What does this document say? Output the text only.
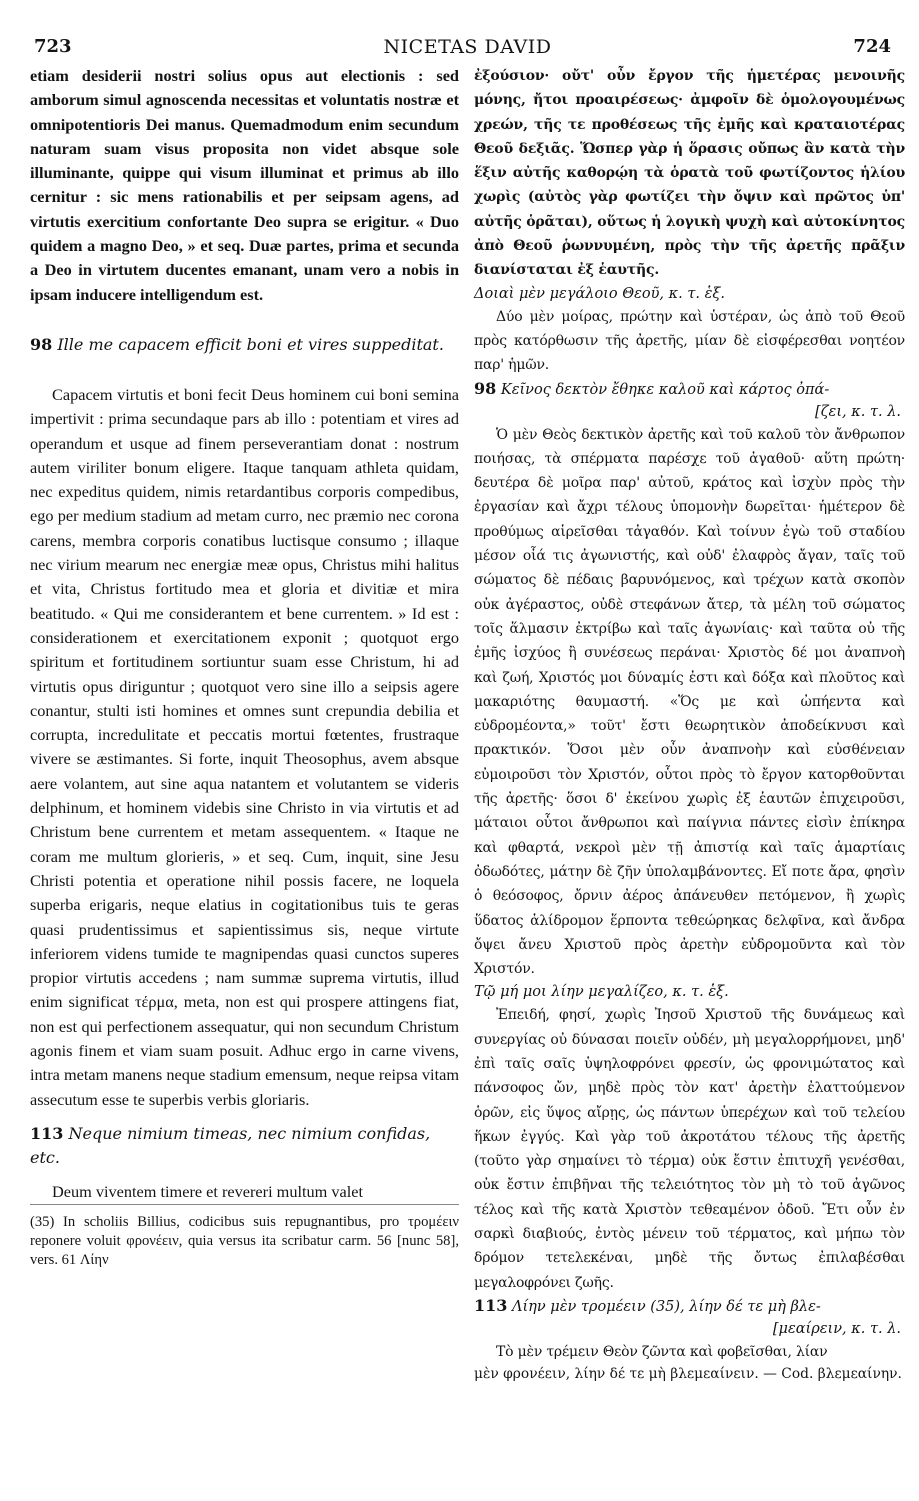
723	NICETAS DAVID	724

etiam desiderii nostri solius opus aut electionis : sed amborum simul agnoscenda necessitas et voluntatis nostræ et omnipotentioris Dei manus. Quemadmodum enim secundum naturam suam visus proposita non videt absque sole illuminante, quippe qui visum illuminat et primus ab illo cernitur : sic mens rationabilis et per seipsam agens, ad virtutis exercitium confortante Deo supra se erigitur. « Duo quidem a magno Deo, » et seq. Duæ partes, prima et secunda a Deo in virtutem ducentes emanant, unam vero a nobis in ipsam inducere intelligendum est.

98 Ille me capacem efficit boni et vires suppeditat.

Capacem virtutis et boni fecit Deus hominem cui boni semina impertivit : prima secundaque pars ab illo : potentiam et vires ad operandum et usque ad finem perseverantiam donat : nostrum autem viriliter bonum eligere. Itaque tanquam athleta quidam, nec expeditus quidem, nimis retardantibus corporis compedibus, ego per medium stadium ad metam curro, nec præmio nec corona carens, membra corporis conatibus luctisque consumo ; illaque nec virium mearum nec energiæ meæ opus, Christus mihi halitus et vita, Christus fortitudo mea et gloria et divitiæ et mira beatitudo. « Qui me considerantem et bene currentem. » Id est : considerationem et exercitationem exponit ; quotquot ergo spiritum et fortitudinem sortiuntur suam esse Christum, hi ad virtutis opus diriguntur ; quotquot vero sine illo a seipsis agere conantur, stulti isti homines et omnes sunt crepundia debilia et corrupta, incredulitate et peccatis mortui fœtentes, frustraque vivere se æstimantes. Si forte, inquit Theosophus, avem absque aere volantem, aut sine aqua natantem et volutantem se videris delphinum, et hominem videbis sine Christo in via virtutis et ad Christum bene currentem et metam assequentem. « Itaque ne coram me multum glorieris, » et seq. Cum, inquit, sine Jesu Christi potentia et operatione nihil possis facere, ne loquela superba erigaris, neque elatius in cogitationibus tuis te geras quasi prudentissimus et sapientissimus sis, neque virtute inferiorem videns tumide te magnipendas quasi cunctos superes propior virtutis accedens ; nam summæ suprema virtutis, illud enim significat τέρμα, meta, non est qui prospere attingens fiat, non est qui perfectionem assequatur, qui non secundum Christum agonis finem et viam suam posuit. Adhuc ergo in carne vivens, intra metam manens neque stadium emensum, neque reipsa vitam assecutum esse te superbis verbis gloriaris.

113 Neque nimium timeas, nec nimium confidas, etc.

Deum viventem timere et revereri multum valet

(35) In scholiis Billius, codicibus suis repugnantibus, pro τρομέειν reponere voluit φρονέειν, quia versus ita scribatur carm. 56 [nunc 58], vers. 61 Λίην

ἐξούσιον· οὔτ' οὖν ἔργον τῆς ἡμετέρας μενοινῆς μόνης, ἤτοι προαιρέσεως· ἀμφοῖν δὲ ὁμολογουμένως χρεών, τῆς τε προθέσεως τῆς ἐμῆς καὶ κραταιοτέρας Θεοῦ δεξιᾶς. Ὥσπερ γὰρ ἡ ὅρασις οὔπως ἂν κατὰ τὴν ἕξιν αὐτῆς καθορῴη τὰ ὁρατὰ τοῦ φωτίζοντος ἡλίου χωρὶς (αὐτὸς γὰρ φωτίζει τὴν ὄψιν καὶ πρῶτος ὑπ' αὐτῆς ὁρᾶται), οὕτως ἡ λογικὴ ψυχὴ καὶ αὐτοκίνητος ἀπὸ Θεοῦ ῥωννυμένη, πρὸς τὴν τῆς ἀρετῆς πρᾶξιν διανίσταται ἐξ ἑαυτῆς.

Δοιαὶ μὲν μεγάλοιο Θεοῦ, κ. τ. ἑξ.

Δύο μὲν μοίρας, πρώτην καὶ ὑστέραν, ὡς ἀπὸ τοῦ Θεοῦ πρὸς κατόρθωσιν τῆς ἀρετῆς, μίαν δὲ εἰσφέρεσθαι νοητέον παρ' ἡμῶν.

98 Κεῖνος δεκτὸν ἔθηκε καλοῦ καὶ κάρτος ὀπά-
[ζει, κ. τ. λ.

Ὁ μὲν Θεὸς δεκτικὸν ἀρετῆς καὶ τοῦ καλοῦ τὸν ἄνθρωπον ποιήσας, τὰ σπέρματα παρέσχε τοῦ ἀγαθοῦ· αὕτη πρώτη· δευτέρα δὲ μοῖρα παρ' αὐτοῦ, κράτος καὶ ἰσχὺν πρὸς τὴν ἐργασίαν καὶ ἄχρι τέλους ὑπομονὴν δωρεῖται· ἡμέτερον δὲ προθύμως αἱρεῖσθαι τἀγαθόν. Καὶ τοίνυν ἐγὼ τοῦ σταδίου μέσον οἷά τις ἀγωνιστής, καὶ οὐδ' ἐλαφρὸς ἄγαν, ταῖς τοῦ σώματος δὲ πέδαις βαρυνόμενος, καὶ τρέχων κατὰ σκοπὸν οὐκ ἀγέραστος, οὐδὲ στεφάνων ἄτερ, τὰ μέλη τοῦ σώματος τοῖς ἅλμασιν ἐκτρίβω καὶ ταῖς ἀγωνίαις· καὶ ταῦτα οὐ τῆς ἐμῆς ἰσχύος ἢ συνέσεως περάναι· Χριστὸς δέ μοι ἀναπνοὴ καὶ ζωή, Χριστός μοι δύναμίς ἐστι καὶ δόξα καὶ πλοῦτος καὶ μακαριότης θαυμαστή. «Ὅς με καὶ ὠπήεντα καὶ εὐδρομέοντα,» τοῦτ' ἔστι θεωρητικὸν ἀποδείκνυσι καὶ πρακτικόν. Ὅσοι μὲν οὖν ἀναπνοὴν καὶ εὐσθένειαν εὐμοιροῦσι τὸν Χριστόν, οὗτοι πρὸς τὸ ἔργον κατορθοῦνται τῆς ἀρετῆς· ὅσοι δ' ἐκείνου χωρὶς ἐξ ἑαυτῶν ἐπιχειροῦσι, μάταιοι οὗτοι ἄνθρωποι καὶ παίγνια πάντες εἰσὶν ἐπίκηρα καὶ φθαρτά, νεκροὶ μὲν τῇ ἀπιστίᾳ καὶ ταῖς ἁμαρτίαις ὀδωδότες, μάτην δὲ ζῆν ὑπολαμβάνοντες. Εἴ ποτε ἄρα, φησὶν ὁ θεόσοφος, ὄρνιν ἀέρος ἀπάνευθεν πετόμενον, ἢ χωρὶς ὕδατος ἁλίδρομον ἕρποντα τεθεώρηκας δελφῖνα, καὶ ἄνδρα ὄψει ἄνευ Χριστοῦ πρὸς ἀρετὴν εὐδρομοῦντα καὶ τὸν Χριστόν.

Τῷ μή μοι λίην μεγαλίζεο, κ. τ. ἑξ.

Ἐπειδή, φησί, χωρὶς Ἰησοῦ Χριστοῦ τῆς δυνάμεως καὶ συνεργίας οὐ δύνασαι ποιεῖν οὐδέν, μὴ μεγαλορρήμονει, μηδ' ἐπὶ ταῖς σαῖς ὑψηλοφρόνει φρεσίν, ὡς φρονιμώτατος καὶ πάνσοφος ὤν, μηδὲ πρὸς τὸν κατ' ἀρετὴν ἐλαττούμενον ὁρῶν, εἰς ὕψος αἴρῃς, ὡς πάντων ὑπερέχων καὶ τοῦ τελείου ἥκων ἐγγύς. Καὶ γὰρ τοῦ ἀκροτάτου τέλους τῆς ἀρετῆς (τοῦτο γὰρ σημαίνει τὸ τέρμα) οὐκ ἔστιν ἐπιτυχῆ γενέσθαι, οὐκ ἔστιν ἐπιβῆναι τῆς τελειότητος τὸν μὴ τὸ τοῦ ἀγῶνος τέλος καὶ τῆς κατὰ Χριστὸν τεθεαμένον ὁδοῦ. Ἔτι οὖν ἐν σαρκὶ διαβιούς, ἐντὸς μένειν τοῦ τέρματος, καὶ μήπω τὸν δρόμον τετελεκέναι, μηδὲ τῆς ὄντως ἐπιλαβέσθαι μεγαλοφρόνει ζωῆς.

113 Λίην μὲν τρομέειν (35), λίην δέ τε μὴ βλε-
[μεαίρειν, κ. τ. λ.

Τὸ μὲν τρέμειν Θεὸν ζῶντα καὶ φοβεῖσθαι, λίαν

μὲν φρονέειν, λίην δέ τε μὴ βλεμεαίνειν. — Cod. βλεμεαίνην.
